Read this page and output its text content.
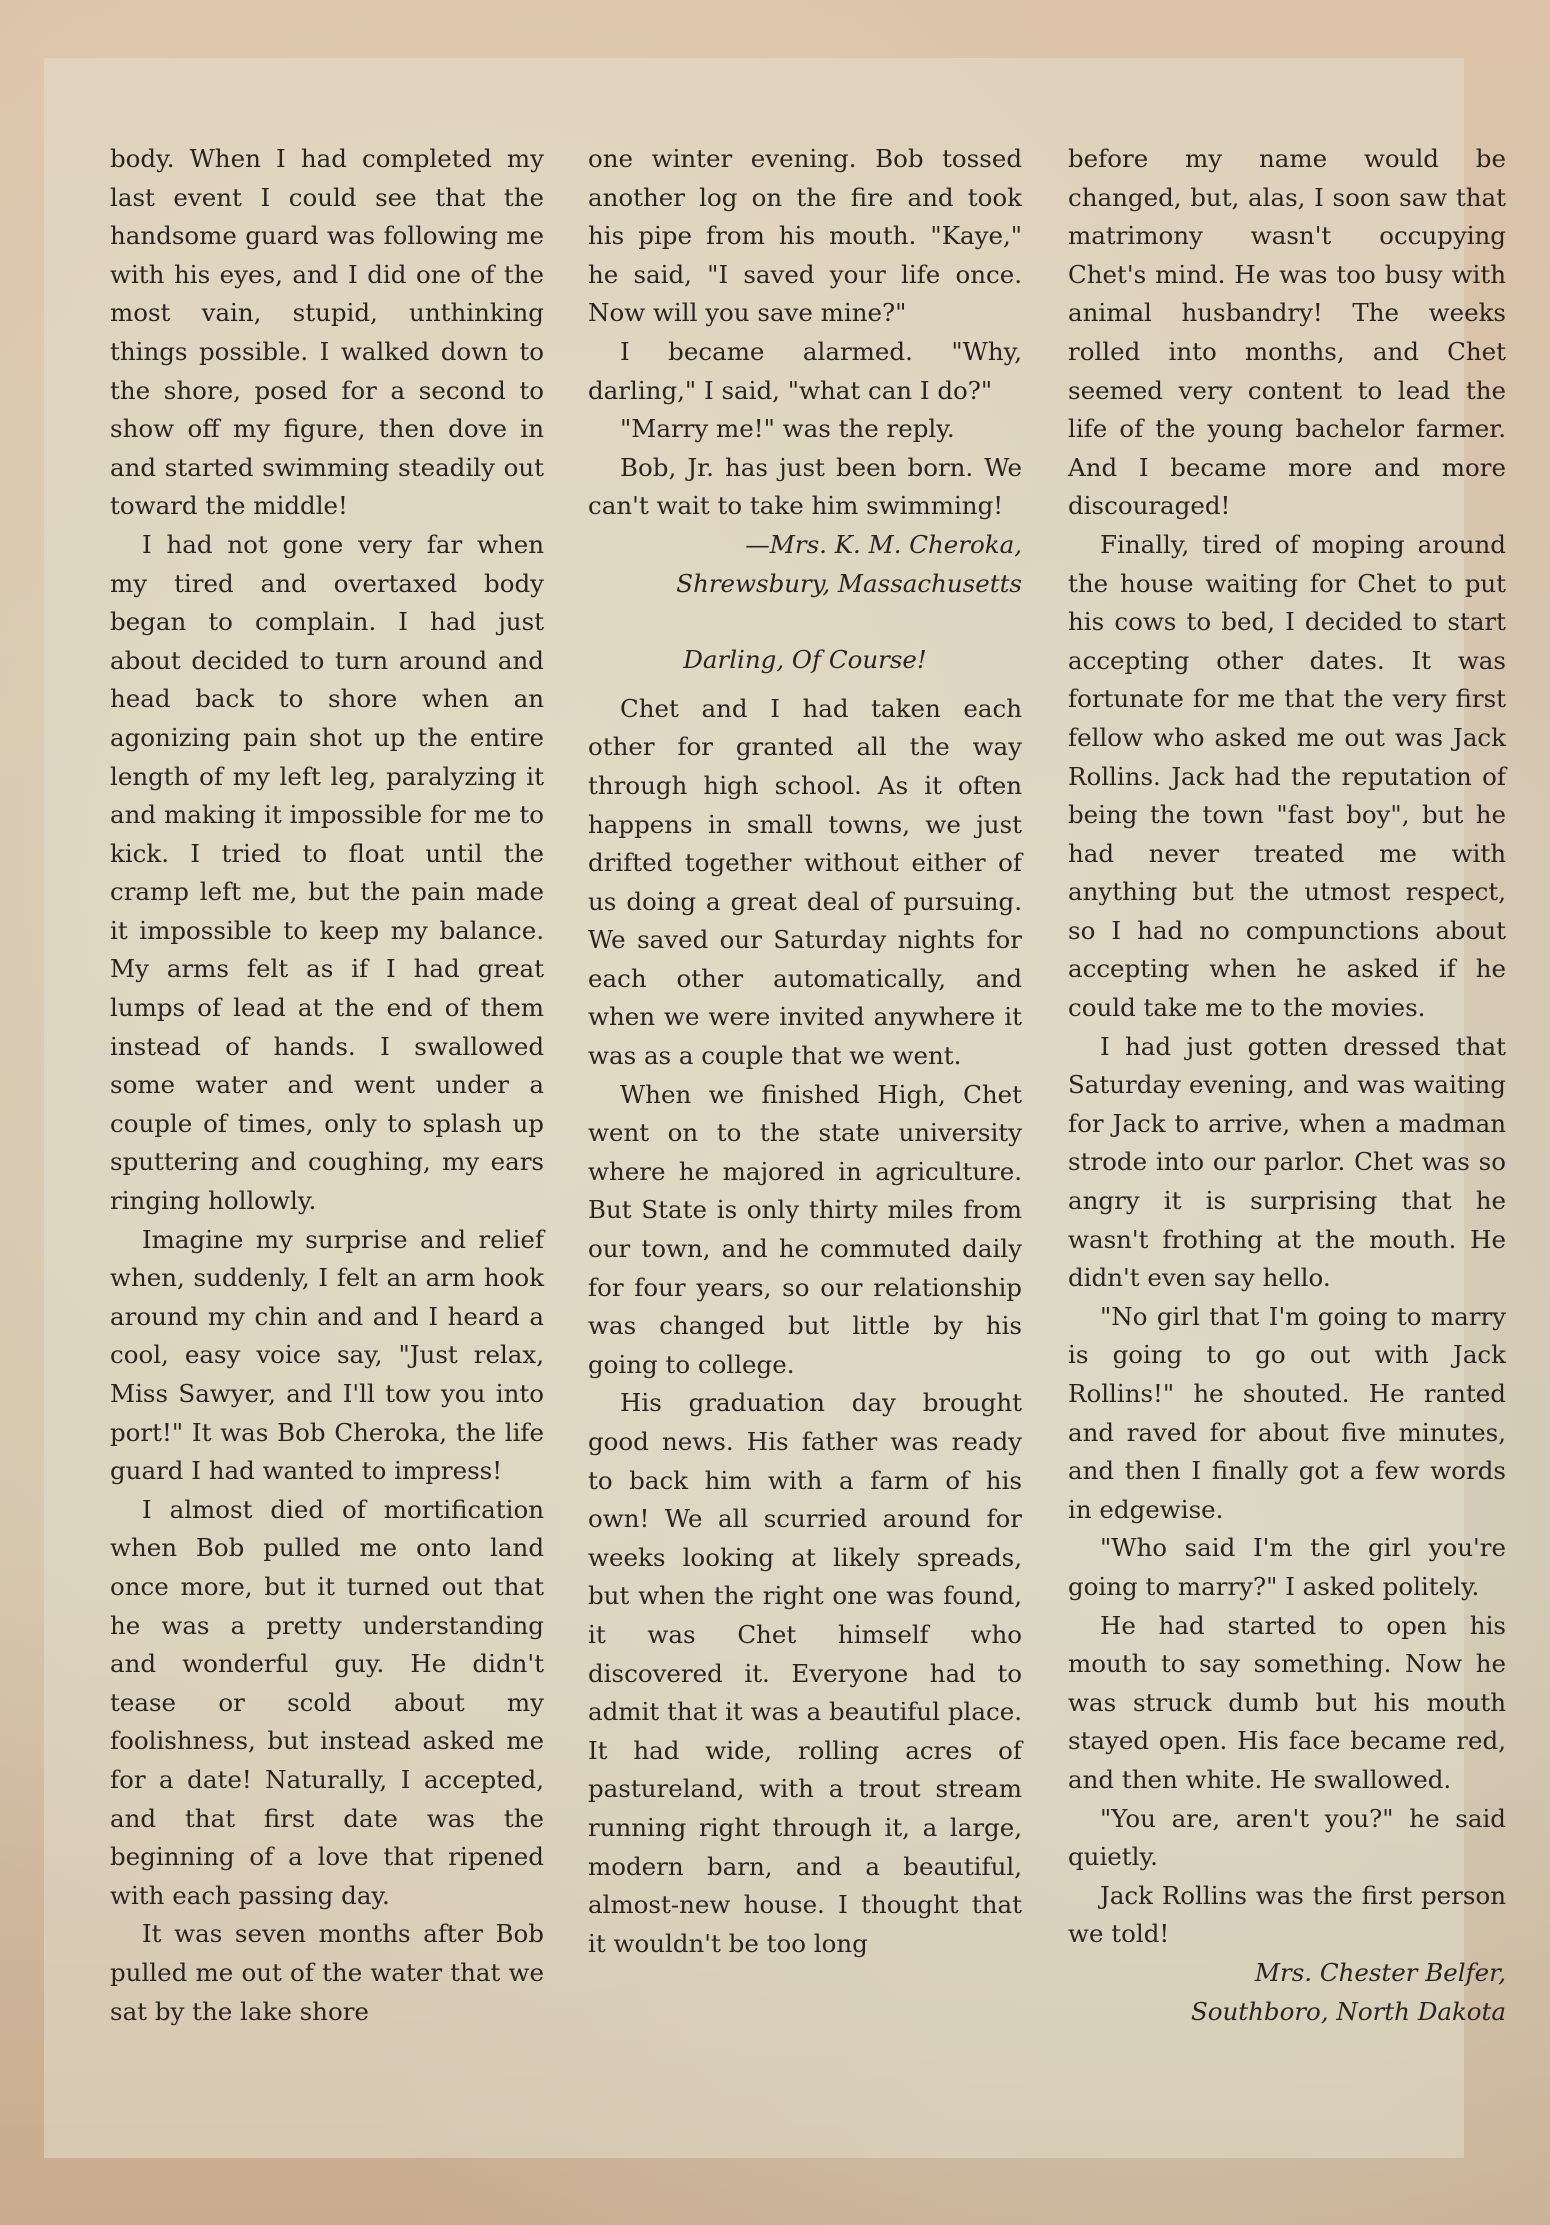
body. When I had completed my last event I could see that the handsome guard was following me with his eyes, and I did one of the most vain, stupid, unthinking things possible. I walked down to the shore, posed for a second to show off my figure, then dove in and started swimming steadily out toward the middle!

I had not gone very far when my tired and overtaxed body began to complain. I had just about decided to turn around and head back to shore when an agonizing pain shot up the entire length of my left leg, paralyzing it and making it impossible for me to kick. I tried to float until the cramp left me, but the pain made it impossible to keep my balance. My arms felt as if I had great lumps of lead at the end of them instead of hands. I swallowed some water and went under a couple of times, only to splash up sputtering and coughing, my ears ringing hollowly.

Imagine my surprise and relief when, suddenly, I felt an arm hook around my chin and and I heard a cool, easy voice say, "Just relax, Miss Sawyer, and I'll tow you into port!" It was Bob Cheroka, the life guard I had wanted to impress!

I almost died of mortification when Bob pulled me onto land once more, but it turned out that he was a pretty understanding and wonderful guy. He didn't tease or scold about my foolishness, but instead asked me for a date! Naturally, I accepted, and that first date was the beginning of a love that ripened with each passing day.

It was seven months after Bob pulled me out of the water that we sat by the lake shore

one winter evening. Bob tossed another log on the fire and took his pipe from his mouth. "Kaye," he said, "I saved your life once. Now will you save mine?"

I became alarmed. "Why, darling," I said, "what can I do?"

"Marry me!" was the reply.

Bob, Jr. has just been born. We can't wait to take him swimming!

—Mrs. K. M. Cheroka,

Shrewsbury, Massachusetts

Darling, Of Course!

Chet and I had taken each other for granted all the way through high school. As it often happens in small towns, we just drifted together without either of us doing a great deal of pursuing. We saved our Saturday nights for each other automatically, and when we were invited anywhere it was as a couple that we went.

When we finished High, Chet went on to the state university where he majored in agriculture. But State is only thirty miles from our town, and he commuted daily for four years, so our relationship was changed but little by his going to college.

His graduation day brought good news. His father was ready to back him with a farm of his own! We all scurried around for weeks looking at likely spreads, but when the right one was found, it was Chet himself who discovered it. Everyone had to admit that it was a beautiful place. It had wide, rolling acres of pastureland, with a trout stream running right through it, a large, modern barn, and a beautiful, almost-new house. I thought that it wouldn't be too long

before my name would be changed, but, alas, I soon saw that matrimony wasn't occupying Chet's mind. He was too busy with animal husbandry! The weeks rolled into months, and Chet seemed very content to lead the life of the young bachelor farmer. And I became more and more discouraged!

Finally, tired of moping around the house waiting for Chet to put his cows to bed, I decided to start accepting other dates. It was fortunate for me that the very first fellow who asked me out was Jack Rollins. Jack had the reputation of being the town "fast boy", but he had never treated me with anything but the utmost respect, so I had no compunctions about accepting when he asked if he could take me to the movies.

I had just gotten dressed that Saturday evening, and was waiting for Jack to arrive, when a madman strode into our parlor. Chet was so angry it is surprising that he wasn't frothing at the mouth. He didn't even say hello.

"No girl that I'm going to marry is going to go out with Jack Rollins!" he shouted. He ranted and raved for about five minutes, and then I finally got a few words in edgewise.

"Who said I'm the girl you're going to marry?" I asked politely.

He had started to open his mouth to say something. Now he was struck dumb but his mouth stayed open. His face became red, and then white. He swallowed.

"You are, aren't you?" he said quietly.

Jack Rollins was the first person we told!

Mrs. Chester Belfer,

Southboro, North Dakota
